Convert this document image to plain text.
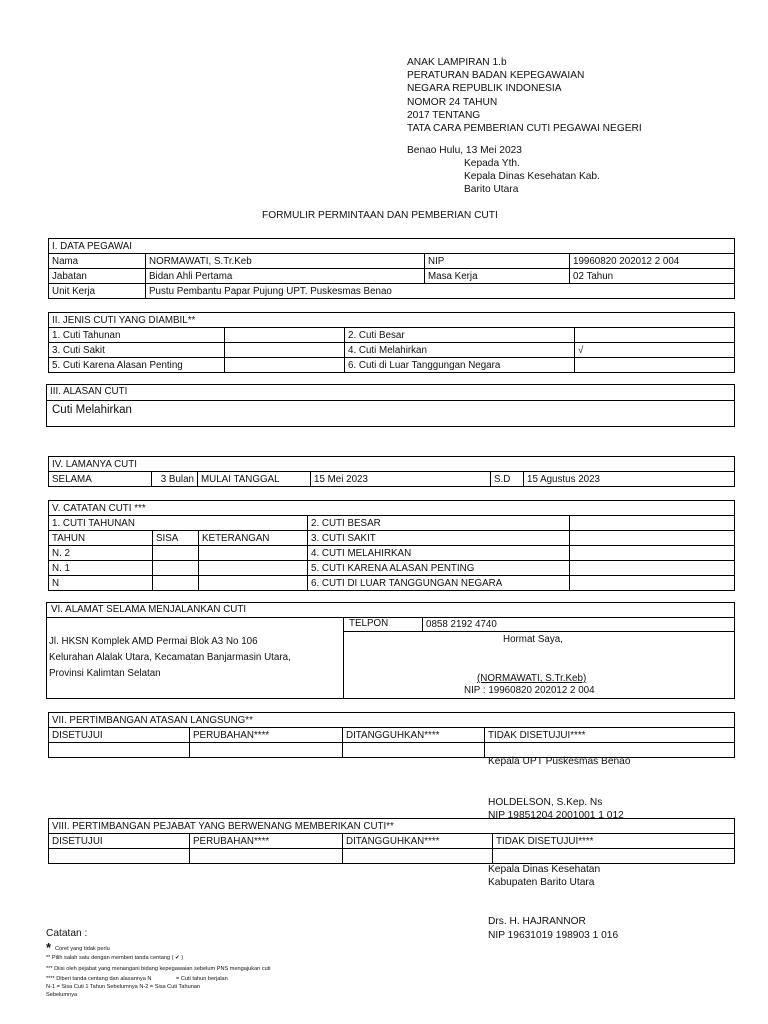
ANAK LAMPIRAN 1.b
PERATURAN BADAN KEPEGAWAIAN
NEGARA REPUBLIK INDONESIA
NOMOR 24 TAHUN
2017 TENTANG
TATA CARA PEMBERIAN CUTI PEGAWAI NEGERI
Benao Hulu, 13 Mei 2023
Kepada Yth.
Kepala Dinas Kesehatan Kab.
Barito Utara
FORMULIR PERMINTAAN DAN PEMBERIAN CUTI
I. DATA PEGAWAI			
Nama	NORMAWATI, S.Tr.Keb	NIP	19960820 202012 2 004
Jabatan	Bidan Ahli Pertama	Masa Kerja	02 Tahun
Unit Kerja	Pustu Pembantu Papar Pujung UPT. Puskesmas Benao		
II. JENIS CUTI YANG DIAMBIL**			
1. Cuti Tahunan		2. Cuti Besar	
3. Cuti Sakit		4. Cuti Melahirkan	√
5. Cuti Karena Alasan Penting		6. Cuti di Luar Tanggungan Negara	
III. ALASAN CUTI
Cuti Melahirkan
IV. LAMANYA CUTI
SELAMA	3 Bulan	MULAI TANGGAL	15 Mei 2023	S.D	15 Agustus 2023
V. CATATAN CUTI ***				
1. CUTI TAHUNAN			2. CUTI BESAR	
TAHUN	SISA	KETERANGAN	3. CUTI SAKIT	
N. 2			4. CUTI MELAHIRKAN	
N. 1			5. CUTI KARENA ALASAN PENTING	
N			6. CUTI DI LUAR TANGGUNGAN NEGARA	
VI. ALAMAT SELAMA MENJALANKAN CUTI
TELPON	0858 2192 4740
Jl. HKSN Komplek AMD Permai Blok A3 No 106
Kelurahan Alalak Utara, Kecamatan Banjarmasin Utara,
Provinsi Kalimtan Selatan
Hormat Saya,
(NORMAWATI, S.Tr.Keb)
NIP : 19960820 202012 2 004
VII. PERTIMBANGAN ATASAN LANGSUNG**			
DISETUJUI	PERUBAHAN****	DITANGGUHKAN****	TIDAK DISETUJUI****

Kepala UPT Puskesmas Benao
HOLDELSON, S.Kep. Ns
NIP 19851204 2001001 1 012
VIII. PERTIMBANGAN PEJABAT YANG BERWENANG MEMBERIKAN CUTI**			
DISETUJUI	PERUBAHAN****	DITANGGUHKAN****	TIDAK DISETUJUI****

Kepala Dinas Kesehatan
Kabupaten Barito Utara
Drs. H. HAJRANNOR
NIP 19631019 198903 1 016
Catatan :
* Coret yang tidak perlu
** Pilih salah satu dengan memberi tanda centang ( ✔ )
*** Diisi oleh pejabat yang menangani bidang kepegawaian sebelum PNS mengajukan cuti
**** Diberi tanda centang dan alasannya N	= Cuti tahun berjalan
N-1 = Sisa Cuti 1 Tahun Sebelumnya N-2 = Sisa Cuti Tahunan
Sebelumnya
